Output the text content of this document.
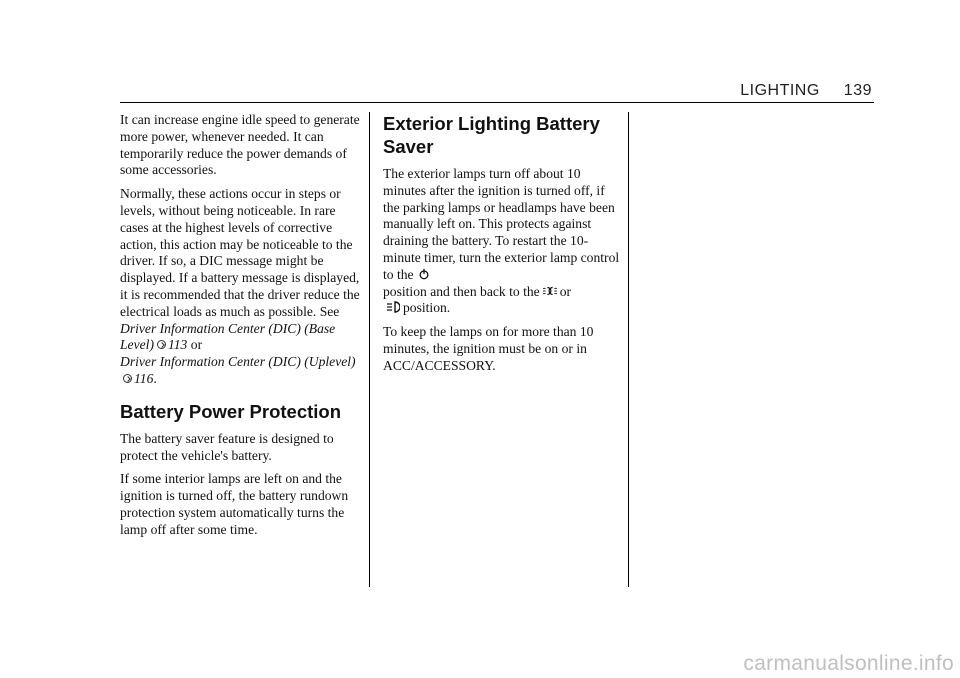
LIGHTING 139

It can increase engine idle speed to generate more power, whenever needed. It can temporarily reduce the power demands of some accessories.

Normally, these actions occur in steps or levels, without being noticeable. In rare cases at the highest levels of corrective action, this action may be noticeable to the driver. If so, a DIC message might be displayed. If a battery message is displayed, it is recommended that the driver reduce the electrical loads as much as possible. See Driver Information Center (DIC) (Base Level) 113 or
Driver Information Center (DIC) (Uplevel)116.

Battery Power Protection

The battery saver feature is designed to protect the vehicle's battery.

If some interior lamps are left on and the ignition is turned off, the battery rundown protection system automatically turns the lamp off after some time.

Exterior Lighting Battery Saver

The exterior lamps turn off about 10 minutes after the ignition is turned off, if the parking lamps or headlamps have been manually left on. This protects against draining the battery. To restart the 10-minute timer, turn the exterior lamp control to the
position and then back to the or
position.

To keep the lamps on for more than 10 minutes, the ignition must be on or in ACC/ACCESSORY.

carmanualsonline.info
